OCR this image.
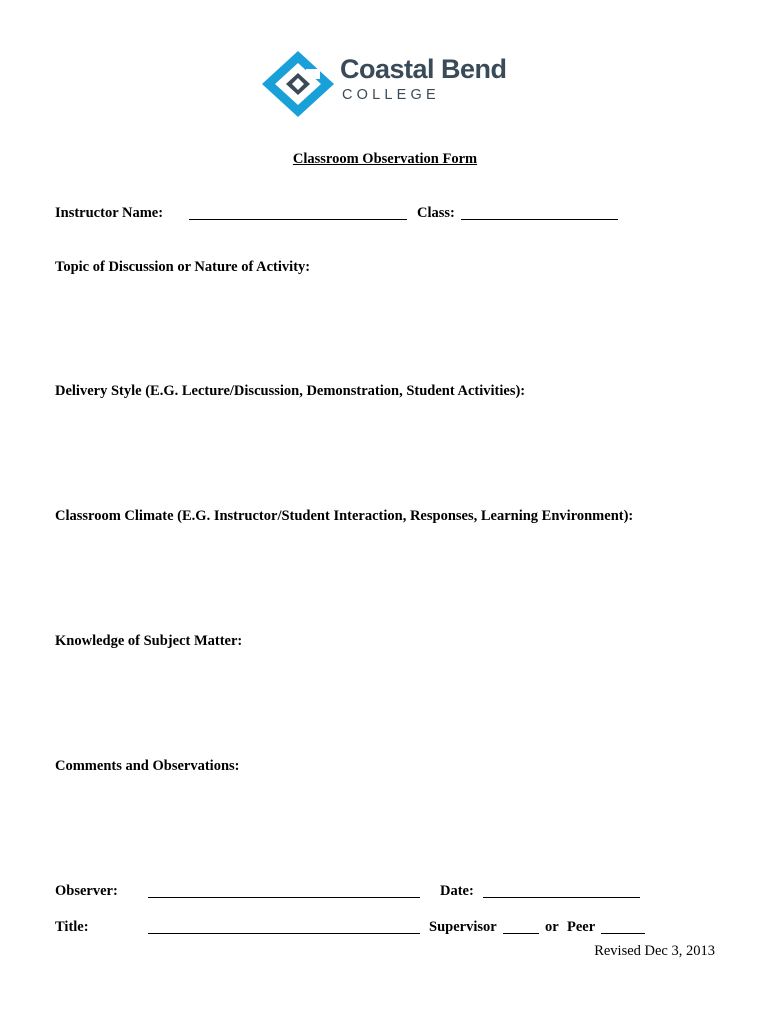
Coastal Bend
COLLEGE
Classroom Observation Form
Instructor Name:	Class:
Topic of Discussion or Nature of Activity:
Delivery Style (E.G. Lecture/Discussion, Demonstration, Student Activities):
Classroom Climate (E.G. Instructor/Student Interaction, Responses, Learning Environment):
Knowledge of Subject Matter:
Comments and Observations:
Observer:	Date:
Title:	Supervisor	or Peer
Revised Dec 3, 2013
